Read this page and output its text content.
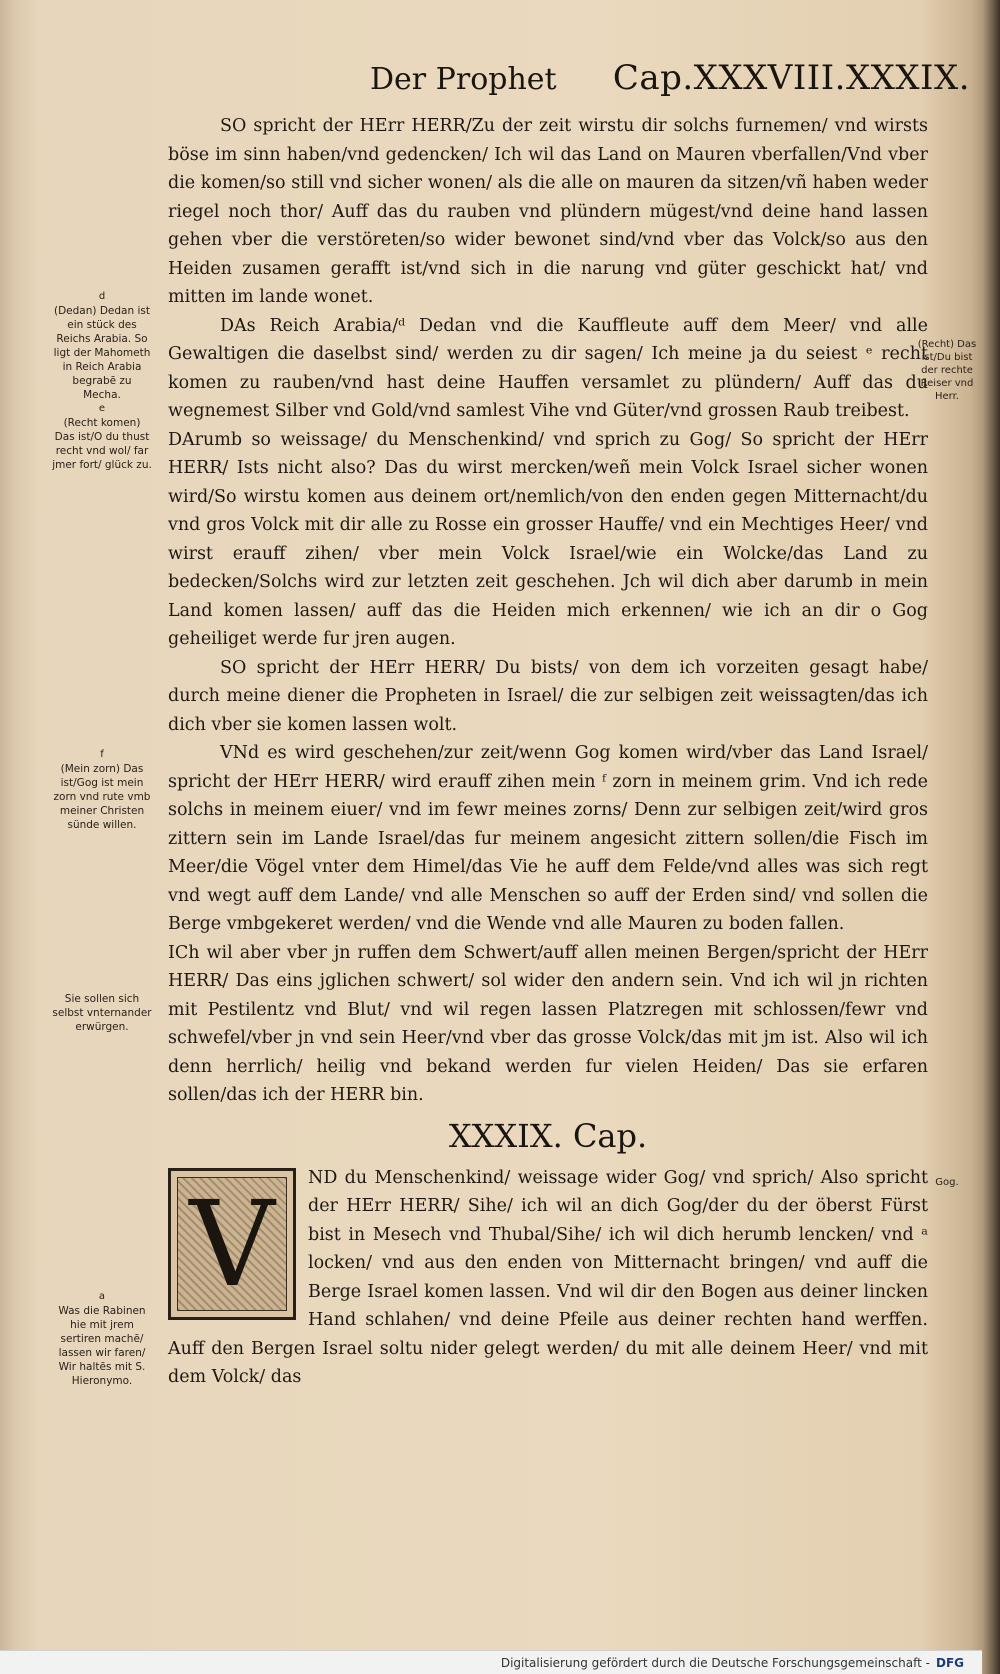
Der Prophet Cap.XXXVIII.XXXIX.

SO spricht der HErr HERR/Zu der zeit wirstu dir solchs furnemen/ vnd wirsts böse im sinn haben/vnd gedencken/ Ich wil das Land on Mauren vberfallen/Vnd vber die komen/so still vnd sicher wonen/ als die alle on mauren da sitzen/vñ haben weder riegel noch thor/ Auff das du rauben vnd plündern mügest/vnd deine hand lassen gehen vber die verstöreten/so wider bewonet sind/vnd vber das Volck/so aus den Heiden zusamen gerafft ist/vnd sich in die narung vnd güter geschickt hat/ vnd mitten im lande wonet.

DAs Reich Arabia/ᵈ Dedan vnd die Kauffleute auff dem Meer/ vnd alle Gewaltigen die daselbst sind/ werden zu dir sagen/ Ich meine ja du seiest ᵉ recht komen zu rauben/vnd hast deine Hauffen versamlet zu plündern/ Auff das du wegnemest Silber vnd Gold/vnd samlest Vihe vnd Güter/vnd grossen Raub treibest.

DArumb so weissage/ du Menschenkind/ vnd sprich zu Gog/ So spricht der HErr HERR/ Ists nicht also? Das du wirst mercken/weñ mein Volck Israel sicher wonen wird/So wirstu komen aus deinem ort/nemlich/von den enden gegen Mitternacht/du vnd gros Volck mit dir alle zu Rosse ein grosser Hauffe/ vnd ein Mechtiges Heer/ vnd wirst erauff zihen/ vber mein Volck Israel/wie ein Wolcke/das Land zu bedecken/Solchs wird zur letzten zeit geschehen. Jch wil dich aber darumb in mein Land komen lassen/ auff das die Heiden mich erkennen/ wie ich an dir o Gog geheiliget werde fur jren augen.

SO spricht der HErr HERR/ Du bists/ von dem ich vorzeiten gesagt habe/ durch meine diener die Propheten in Israel/ die zur selbigen zeit weissagten/das ich dich vber sie komen lassen wolt.

VNd es wird geschehen/zur zeit/wenn Gog komen wird/vber das Land Israel/ spricht der HErr HERR/ wird erauff zihen mein ᶠ zorn in meinem grim. Vnd ich rede solchs in meinem eiuer/ vnd im fewr meines zorns/ Denn zur selbigen zeit/wird gros zittern sein im Lande Israel/das fur meinem angesicht zittern sollen/die Fisch im Meer/die Vögel vnter dem Himel/das Vie he auff dem Felde/vnd alles was sich regt vnd wegt auff dem Lande/ vnd alle Menschen so auff der Erden sind/ vnd sollen die Berge vmbgekeret werden/ vnd die Wende vnd alle Mauren zu boden fallen.

ICh wil aber vber jn ruffen dem Schwert/auff allen meinen Bergen/spricht der HErr HERR/ Das eins jglichen schwert/ sol wider den andern sein. Vnd ich wil jn richten mit Pestilentz vnd Blut/ vnd wil regen lassen Platzregen mit schlossen/fewr vnd schwefel/vber jn vnd sein Heer/vnd vber das grosse Volck/das mit jm ist. Also wil ich denn herrlich/ heilig vnd bekand werden fur vielen Heiden/ Das sie erfaren sollen/das ich der HERR bin.

XXXIX. Cap.
V	ND du Menschenkind/ weissage wider Gog/ vnd sprich/ Also spricht der HErr HERR/ Sihe/ ich wil an dich Gog/der du der öberst Fürst bist in Mesech vnd Thubal/Sihe/ ich wil dich herumb lencken/ vnd ᵃ locken/ vnd aus den enden von Mitternacht bringen/ vnd auff die Berge Israel komen lassen. Vnd wil dir den Bogen aus deiner lincken Hand schlahen/ vnd deine Pfeile aus deiner rechten hand werffen. Auff den Bergen Israel soltu nider gelegt werden/ du mit alle deinem Heer/ vnd mit dem Volck/ das
d
(Dedan) Dedan ist ein stück des Reichs Arabia. So ligt der Mahometh in Reich Arabia begrabē zu Mecha.
e
(Recht komen) Das ist/O du thust recht vnd wol/ far jmer fort/ glück zu.
(Recht) Das ist/Du bist der rechte Reiser vnd Herr.
f
(Mein zorn) Das ist/Gog ist mein zorn vnd rute vmb meiner Christen sünde willen.
Sie sollen sich selbst vnternander erwürgen.
Gog.
a
Was die Rabinen hie mit jrem sertiren machē/ lassen wir faren/ Wir haltēs mit S. Hieronymo.
Digitalisierung gefördert durch die Deutsche Forschungsgemeinschaft - DFG
